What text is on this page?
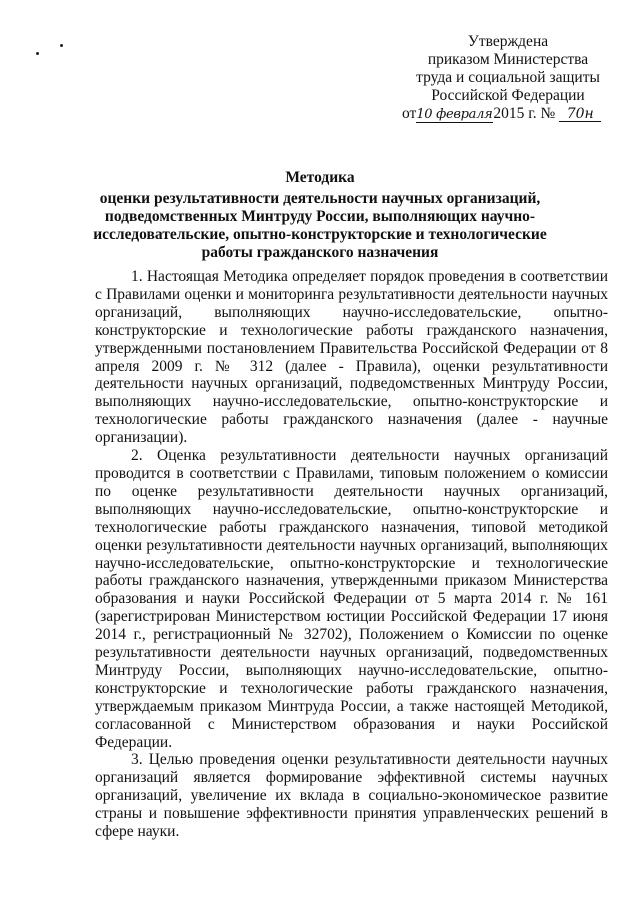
Утверждена
приказом Министерства
труда и социальной защиты
Российской Федерации
от10 февраля2015 г. № 70н
Методика
оценки результативности деятельности научных организаций, подведомственных Минтруду России, выполняющих научно-исследовательские, опытно-конструкторские и технологические работы гражданского назначения

1. Настоящая Методика определяет порядок проведения в соответствии с Правилами оценки и мониторинга результативности деятельности научных организаций, выполняющих научно-исследовательские, опытно-конструкторские и технологические работы гражданского назначения, утвержденными постановлением Правительства Российской Федерации от 8 апреля 2009 г. № 312 (далее - Правила), оценки результативности деятельности научных организаций, подведомственных Минтруду России, выполняющих научно-исследовательские, опытно-конструкторские и технологические работы гражданского назначения (далее - научные организации).

2. Оценка результативности деятельности научных организаций проводится в соответствии с Правилами, типовым положением о комиссии по оценке результативности деятельности научных организаций, выполняющих научно-исследовательские, опытно-конструкторские и технологические работы гражданского назначения, типовой методикой оценки результативности деятельности научных организаций, выполняющих научно-исследовательские, опытно-конструкторские и технологические работы гражданского назначения, утвержденными приказом Министерства образования и науки Российской Федерации от 5 марта 2014 г. № 161 (зарегистрирован Министерством юстиции Российской Федерации 17 июня 2014 г., регистрационный № 32702), Положением о Комиссии по оценке результативности деятельности научных организаций, подведомственных Минтруду России, выполняющих научно-исследовательские, опытно-конструкторские и технологические работы гражданского назначения, утверждаемым приказом Минтруда России, а также настоящей Методикой, согласованной с Министерством образования и науки Российской Федерации.

3. Целью проведения оценки результативности деятельности научных организаций является формирование эффективной системы научных организаций, увеличение их вклада в социально-экономическое развитие страны и повышение эффективности принятия управленческих решений в сфере науки.
